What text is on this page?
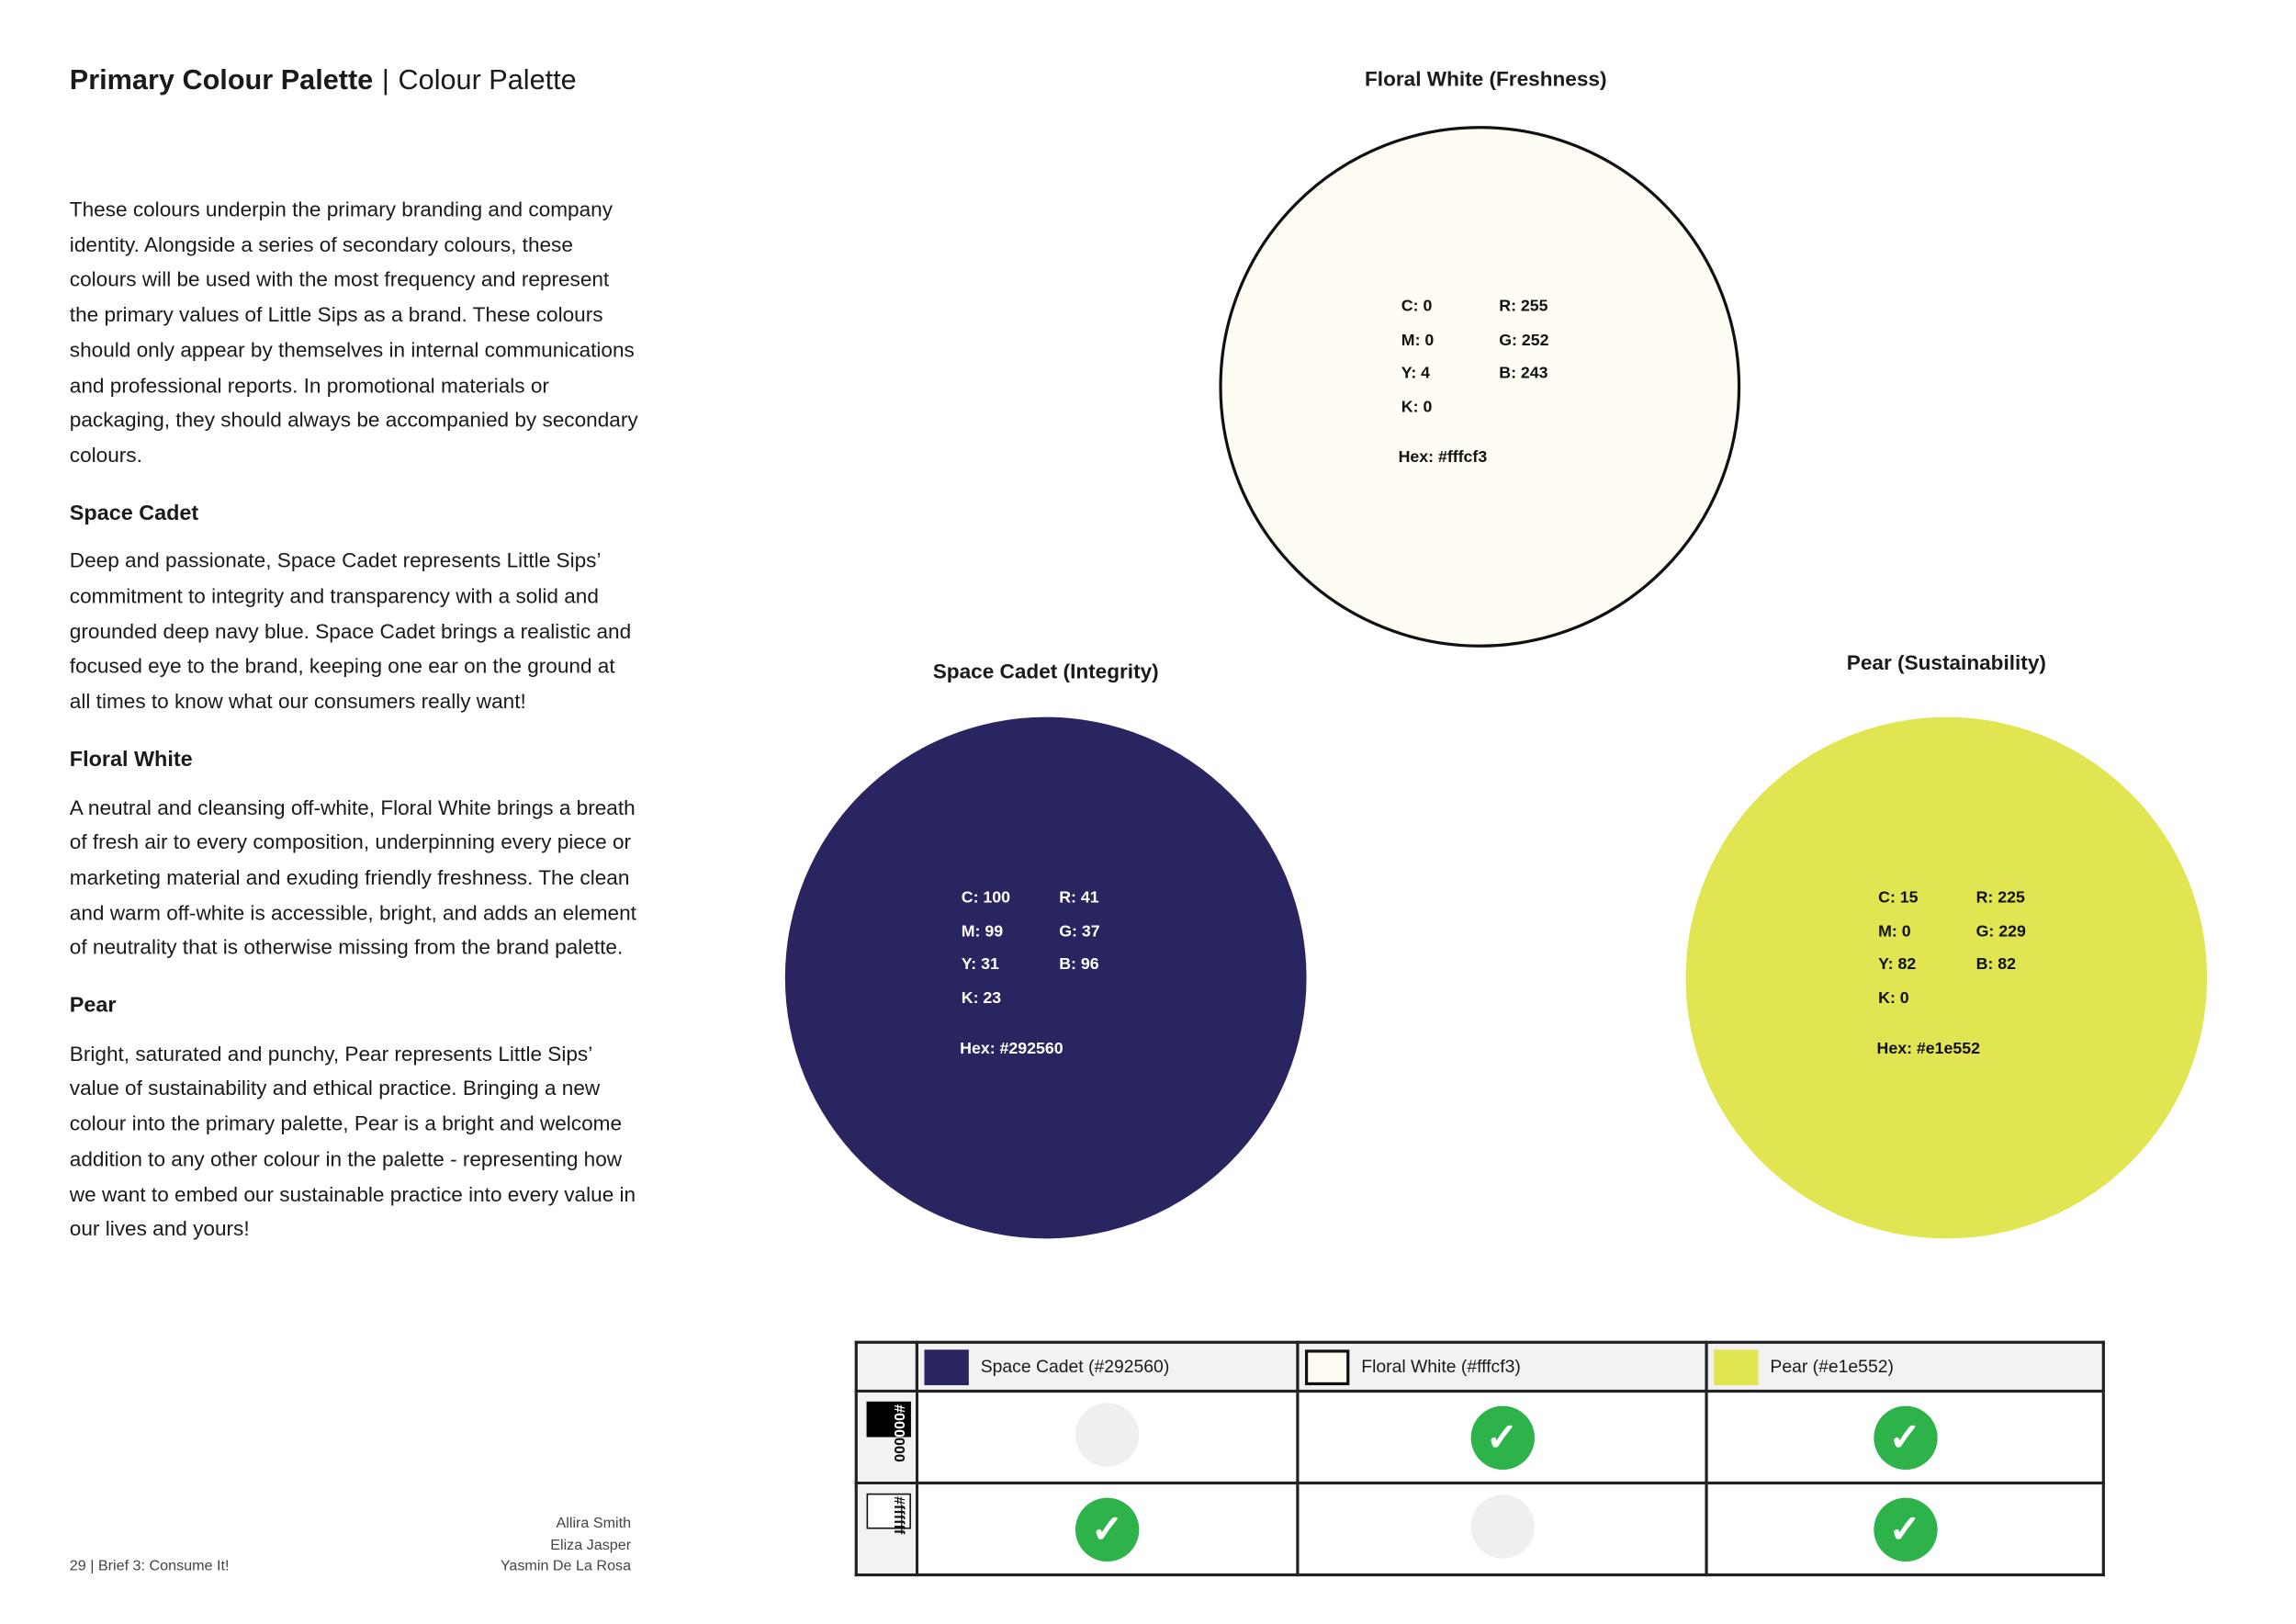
Primary Colour Palette | Colour Palette

These colours underpin the primary branding and company identity. Alongside a series of secondary colours, these colours will be used with the most frequency and represent the primary values of Little Sips as a brand. These colours should only appear by themselves in internal communications and professional reports. In promotional materials or packaging, they should always be accompanied by secondary colours.

Space Cadet

Deep and passionate, Space Cadet represents Little Sips’ commitment to integrity and transparency with a solid and grounded deep navy blue. Space Cadet brings a realistic and focused eye to the brand, keeping one ear on the ground at all times to know what our consumers really want!

Floral White

A neutral and cleansing off-white, Floral White brings a breath of fresh air to every composition, underpinning every piece or marketing material and exuding friendly freshness. The clean and warm off-white is accessible, bright, and adds an element of neutrality that is otherwise missing from the brand palette.

Pear

Bright, saturated and punchy, Pear represents Little Sips’ value of sustainability and ethical practice. Bringing a new colour into the primary palette, Pear is a bright and welcome addition to any other colour in the palette - representing how we want to embed our sustainable practice into every value in our lives and yours!

Floral White (Freshness)
C: 0	R: 255
M: 0	G: 252
Y: 4	B: 243
K: 0
Hex: #fffcf3
Space Cadet (Integrity)
C: 100	R: 41
M: 99	G: 37
Y: 31	B: 96
K: 23
Hex: #292560
Pear (Sustainability)
C: 15	R: 225
M: 0	G: 229
Y: 82	B: 82
K: 0
Hex: #e1e552
	Space Cadet (#292560)	Floral White (#fffcf3)	Pear (#e1e552)

#000000		✓	✓

#ffffff	✓		✓
29 | Brief 3: Consume It!
Allira Smith
Eliza Jasper
Yasmin De La Rosa
